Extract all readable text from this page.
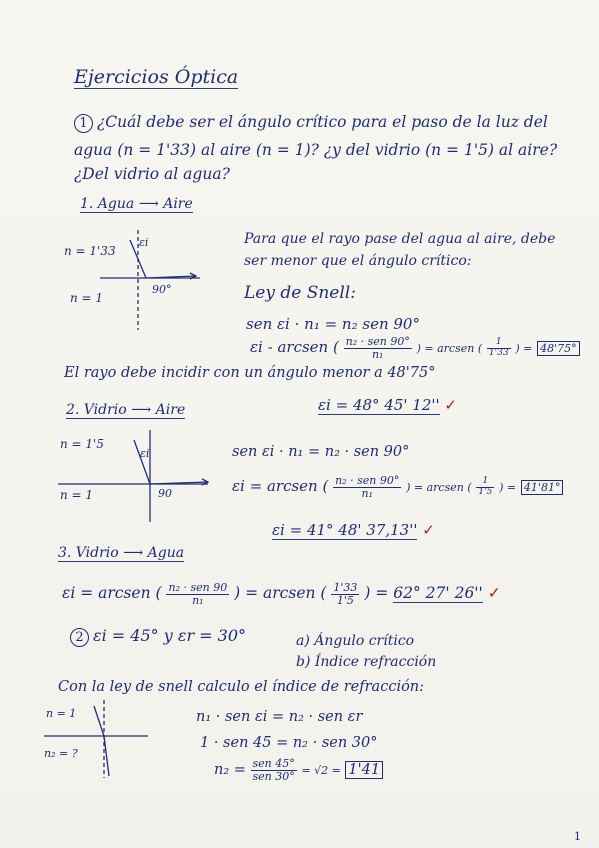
Ejercicios Óptica
1 ¿Cuál debe ser el ángulo crítico para el paso de la luz del
agua (n = 1'33) al aire (n = 1)? ¿y del vidrio (n = 1'5) al aire?
¿Del vidrio al agua?
1. Agua ⟶ Aire
n = 1'33
n = 1
εi
90°
Para que el rayo pase del agua al aire, debe
ser menor que el ángulo crítico:
Ley de Snell:
sen εi · n₁ = n₂ sen 90°
εi - arcsen ( $\frac{\text{n₂ · sen 90°}}{\text{n₁}}$ ) = arcsen ( $\frac{1}{1'33}$ ) = 48'75°
El rayo debe incidir con un ángulo menor a 48'75°
2. Vidrio ⟶ Aire	εi = 48° 45' 12'' ✓
n = 1'5
n = 1
εi
90
sen εi · n₁ = n₂ · sen 90°
εi = arcsen ( $\frac{\text{n₂ · sen 90°}}{\text{n₁}}$ ) = arcsen ( $\frac{1}{1'5}$ ) = 41'81°
εi = 41° 48' 37,13'' ✓
3. Vidrio ⟶ Agua
εi = arcsen ( $\frac{\text{n₂ · sen 90}}{\text{n₁}}$ ) = arcsen ( $\frac{1'33}{1'5}$ ) = 62° 27' 26'' ✓
2 εi = 45° y εr = 30°	a) Ángulo crítico
b) Índice refracción
Con la ley de snell calculo el índice de refracción:
n = 1
n₂ = ?
n₁ · sen εi = n₂ · sen εr
1 · sen 45 = n₂ · sen 30°
$n_2 = \frac{\text{sen 45°}}{\text{sen 30°}} = √2 = 1'41$
1
